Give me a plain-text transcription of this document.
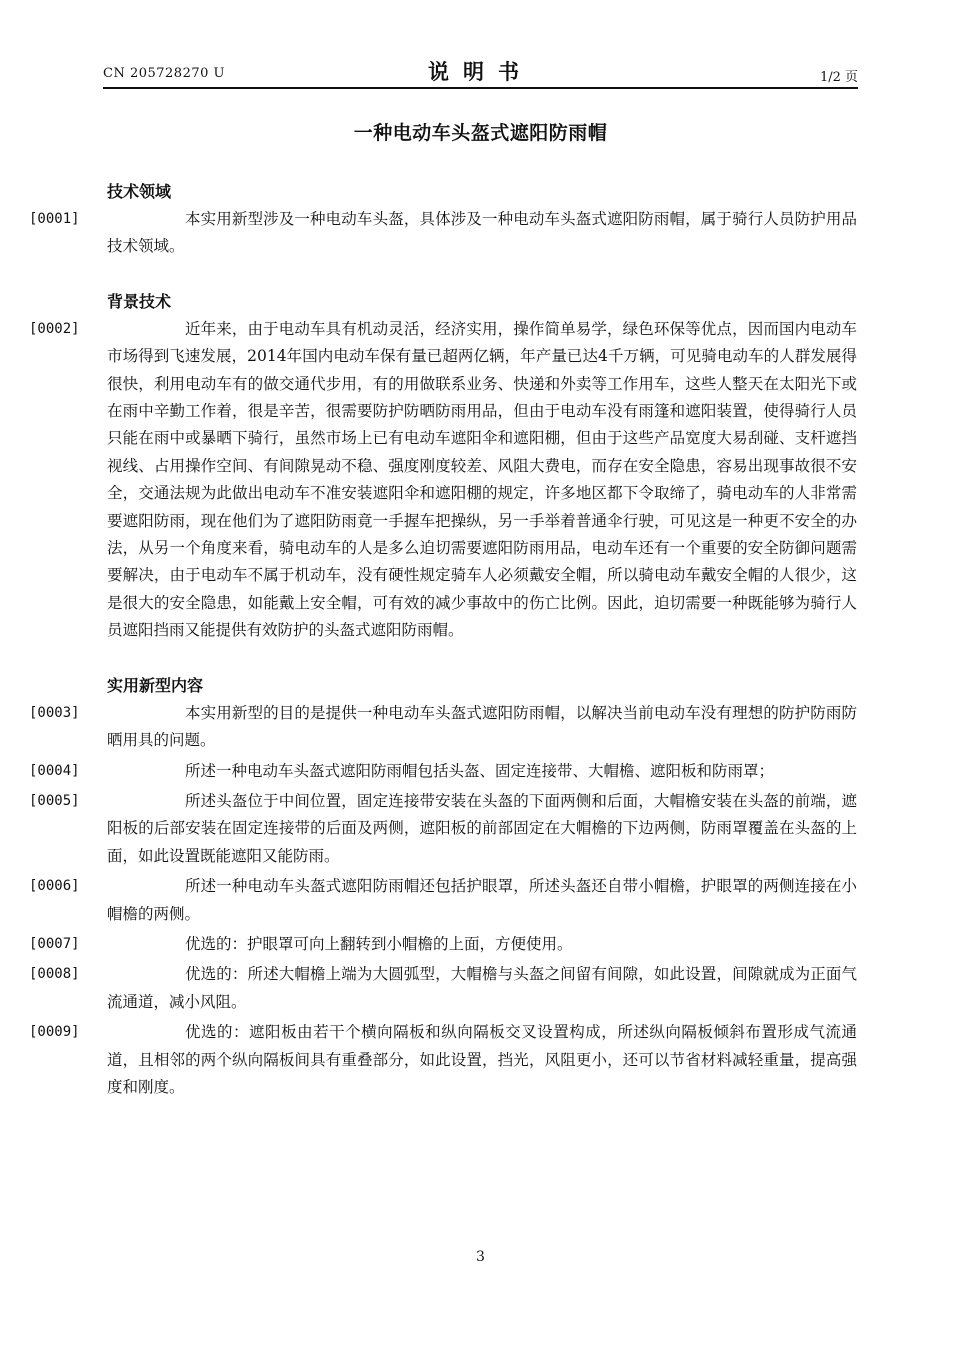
CN 205728270 U	说明书	1/2 页
一种电动车头盔式遮阳防雨帽
技术领域

[0001]	本实用新型涉及一种电动车头盔，具体涉及一种电动车头盔式遮阳防雨帽，属于骑行人员防护用品技术领域。

背景技术

[0002]	近年来，由于电动车具有机动灵活，经济实用，操作简单易学，绿色环保等优点，因而国内电动车市场得到飞速发展，2014年国内电动车保有量已超两亿辆，年产量已达4千万辆，可见骑电动车的人群发展得很快，利用电动车有的做交通代步用，有的用做联系业务、快递和外卖等工作用车，这些人整天在太阳光下或在雨中辛勤工作着，很是辛苦，很需要防护防晒防雨用品，但由于电动车没有雨篷和遮阳装置，使得骑行人员只能在雨中或暴晒下骑行，虽然市场上已有电动车遮阳伞和遮阳棚，但由于这些产品宽度大易刮碰、支杆遮挡视线、占用操作空间、有间隙晃动不稳、强度刚度较差、风阻大费电，而存在安全隐患，容易出现事故很不安全，交通法规为此做出电动车不准安装遮阳伞和遮阳棚的规定，许多地区都下令取缔了，骑电动车的人非常需要遮阳防雨，现在他们为了遮阳防雨竟一手握车把操纵，另一手举着普通伞行驶，可见这是一种更不安全的办法，从另一个角度来看，骑电动车的人是多么迫切需要遮阳防雨用品，电动车还有一个重要的安全防御问题需要解决，由于电动车不属于机动车，没有硬性规定骑车人必须戴安全帽，所以骑电动车戴安全帽的人很少，这是很大的安全隐患，如能戴上安全帽，可有效的减少事故中的伤亡比例。因此，迫切需要一种既能够为骑行人员遮阳挡雨又能提供有效防护的头盔式遮阳防雨帽。

实用新型内容

[0003]	本实用新型的目的是提供一种电动车头盔式遮阳防雨帽，以解决当前电动车没有理想的防护防雨防晒用具的问题。

[0004]	所述一种电动车头盔式遮阳防雨帽包括头盔、固定连接带、大帽檐、遮阳板和防雨罩；

[0005]	所述头盔位于中间位置，固定连接带安装在头盔的下面两侧和后面，大帽檐安装在头盔的前端，遮阳板的后部安装在固定连接带的后面及两侧，遮阳板的前部固定在大帽檐的下边两侧，防雨罩覆盖在头盔的上面，如此设置既能遮阳又能防雨。

[0006]	所述一种电动车头盔式遮阳防雨帽还包括护眼罩，所述头盔还自带小帽檐，护眼罩的两侧连接在小帽檐的两侧。

[0007]	优选的：护眼罩可向上翻转到小帽檐的上面，方便使用。

[0008]	优选的：所述大帽檐上端为大圆弧型，大帽檐与头盔之间留有间隙，如此设置，间隙就成为正面气流通道，减小风阻。

[0009]	优选的：遮阳板由若干个横向隔板和纵向隔板交叉设置构成，所述纵向隔板倾斜布置形成气流通道，且相邻的两个纵向隔板间具有重叠部分，如此设置，挡光，风阻更小，还可以节省材料减轻重量，提高强度和刚度。

3
